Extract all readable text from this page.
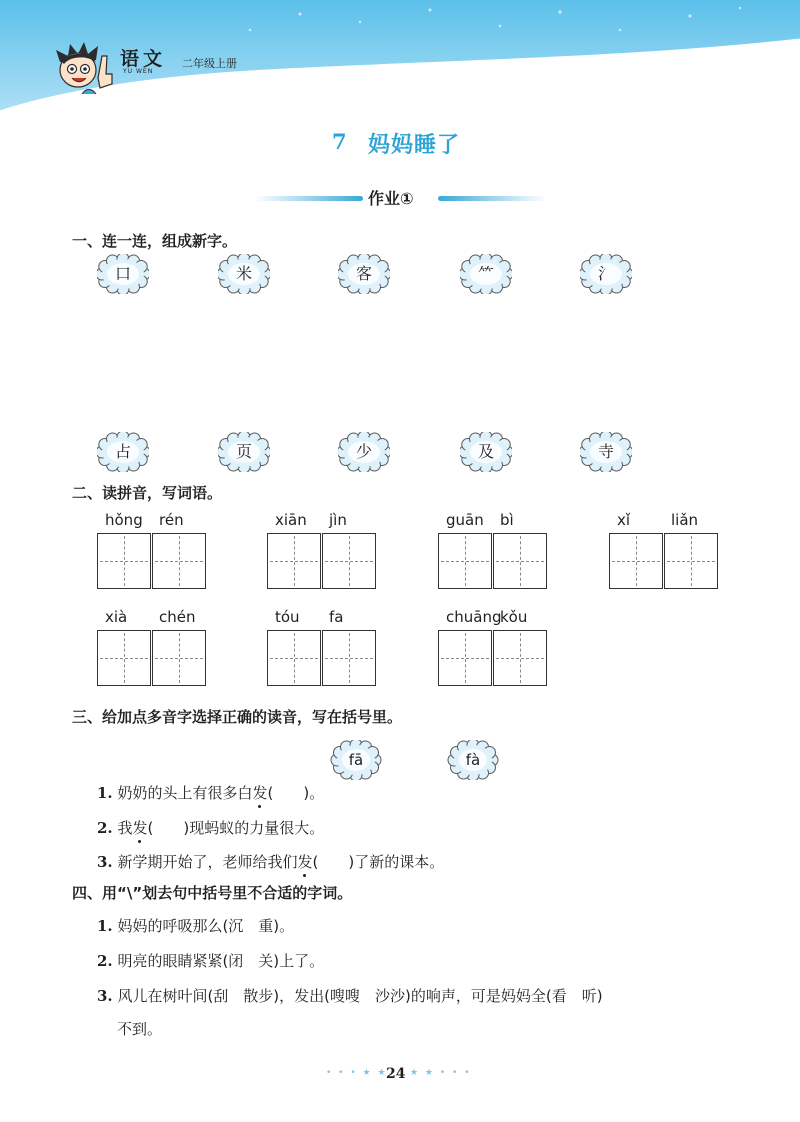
语文
YU WEN
二年级上册
7 妈妈睡了
作业①
一、连一连，组成新字。
口	米	客	⺮	氵
占	页	少	及	寺
二、读拼音，写词语。
hǒng rén	xiān jìn	guān bì	xǐ	liǎn
xià chén	tóu fa	chuāng
kǒu
三、给加点多音字选择正确的读音，写在括号里。
fā	fà
1. 奶奶的头上有很多白发(　　)。
2. 我发(　　)现蚂蚁的力量很大。
3. 新学期开始了，老师给我们发(　　)了新的课本。
四、用“\”划去句中括号里不合适的字词。
1. 妈妈的呼吸那么(沉　重)。
2. 明亮的眼睛紧紧(闭　关)上了。
3. 风儿在树叶间(刮　散步)，发出(嗖嗖　沙沙)的响声，可是妈妈全(看　听)
不到。
• • • ★ ★
24 ★ ★ • • •
